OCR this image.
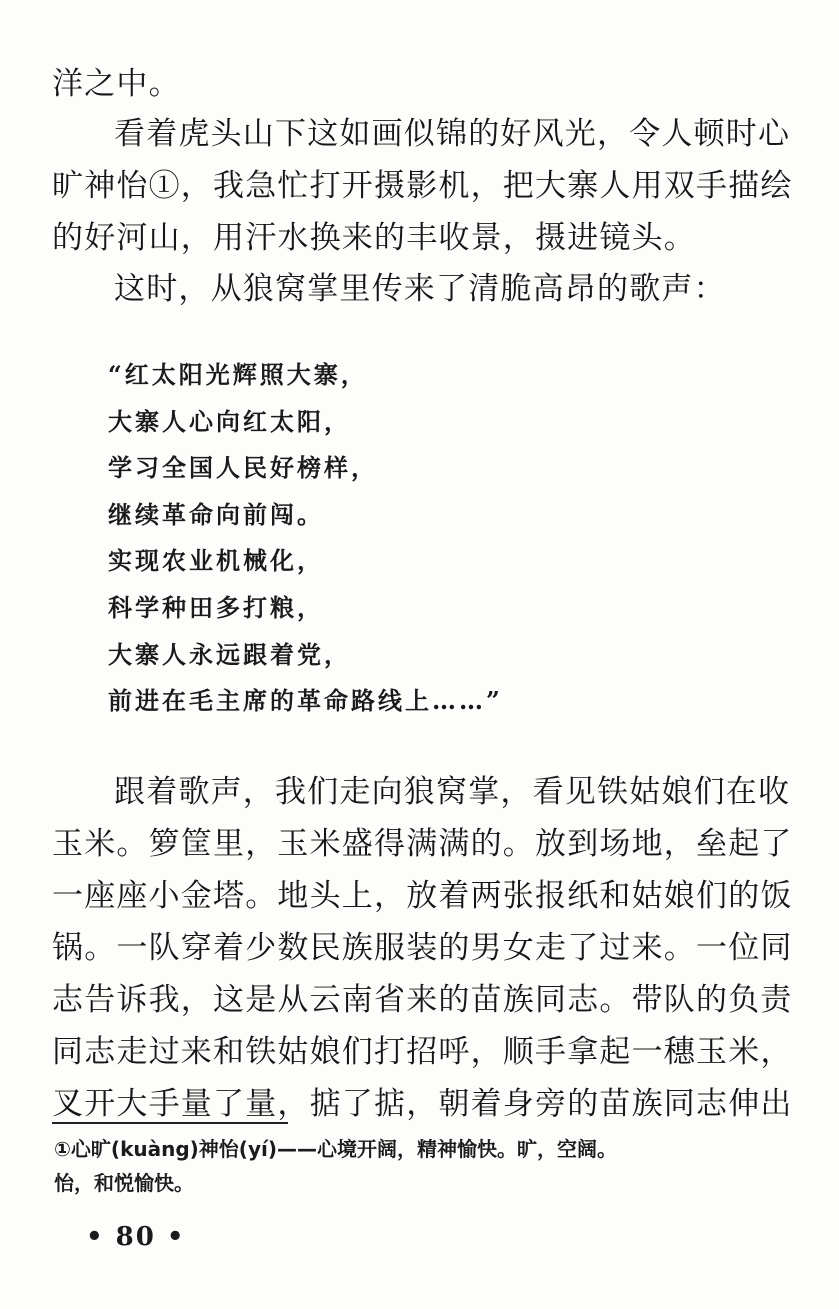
洋之中。
看着虎头山下这如画似锦的好风光，令人顿时心
旷神怡①，我急忙打开摄影机，把大寨人用双手描绘
的好河山，用汗水换来的丰收景，摄进镜头。
这时，从狼窝掌里传来了清脆高昂的歌声：
“红太阳光辉照大寨，
大寨人心向红太阳，
学习全国人民好榜样，
继续革命向前闯。
实现农业机械化，
科学种田多打粮，
大寨人永远跟着党，
前进在毛主席的革命路线上……”
跟着歌声，我们走向狼窝掌，看见铁姑娘们在收
玉米。箩筐里，玉米盛得满满的。放到场地，垒起了
一座座小金塔。地头上，放着两张报纸和姑娘们的饭
锅。一队穿着少数民族服装的男女走了过来。一位同
志告诉我，这是从云南省来的苗族同志。带队的负责
同志走过来和铁姑娘们打招呼，顺手拿起一穗玉米，
叉开大手量了量，掂了掂，朝着身旁的苗族同志伸出
①心旷(kuàng)神怡(yí)——心境开阔，精神愉快。旷，空阔。
怡，和悦愉快。
• 80 •
